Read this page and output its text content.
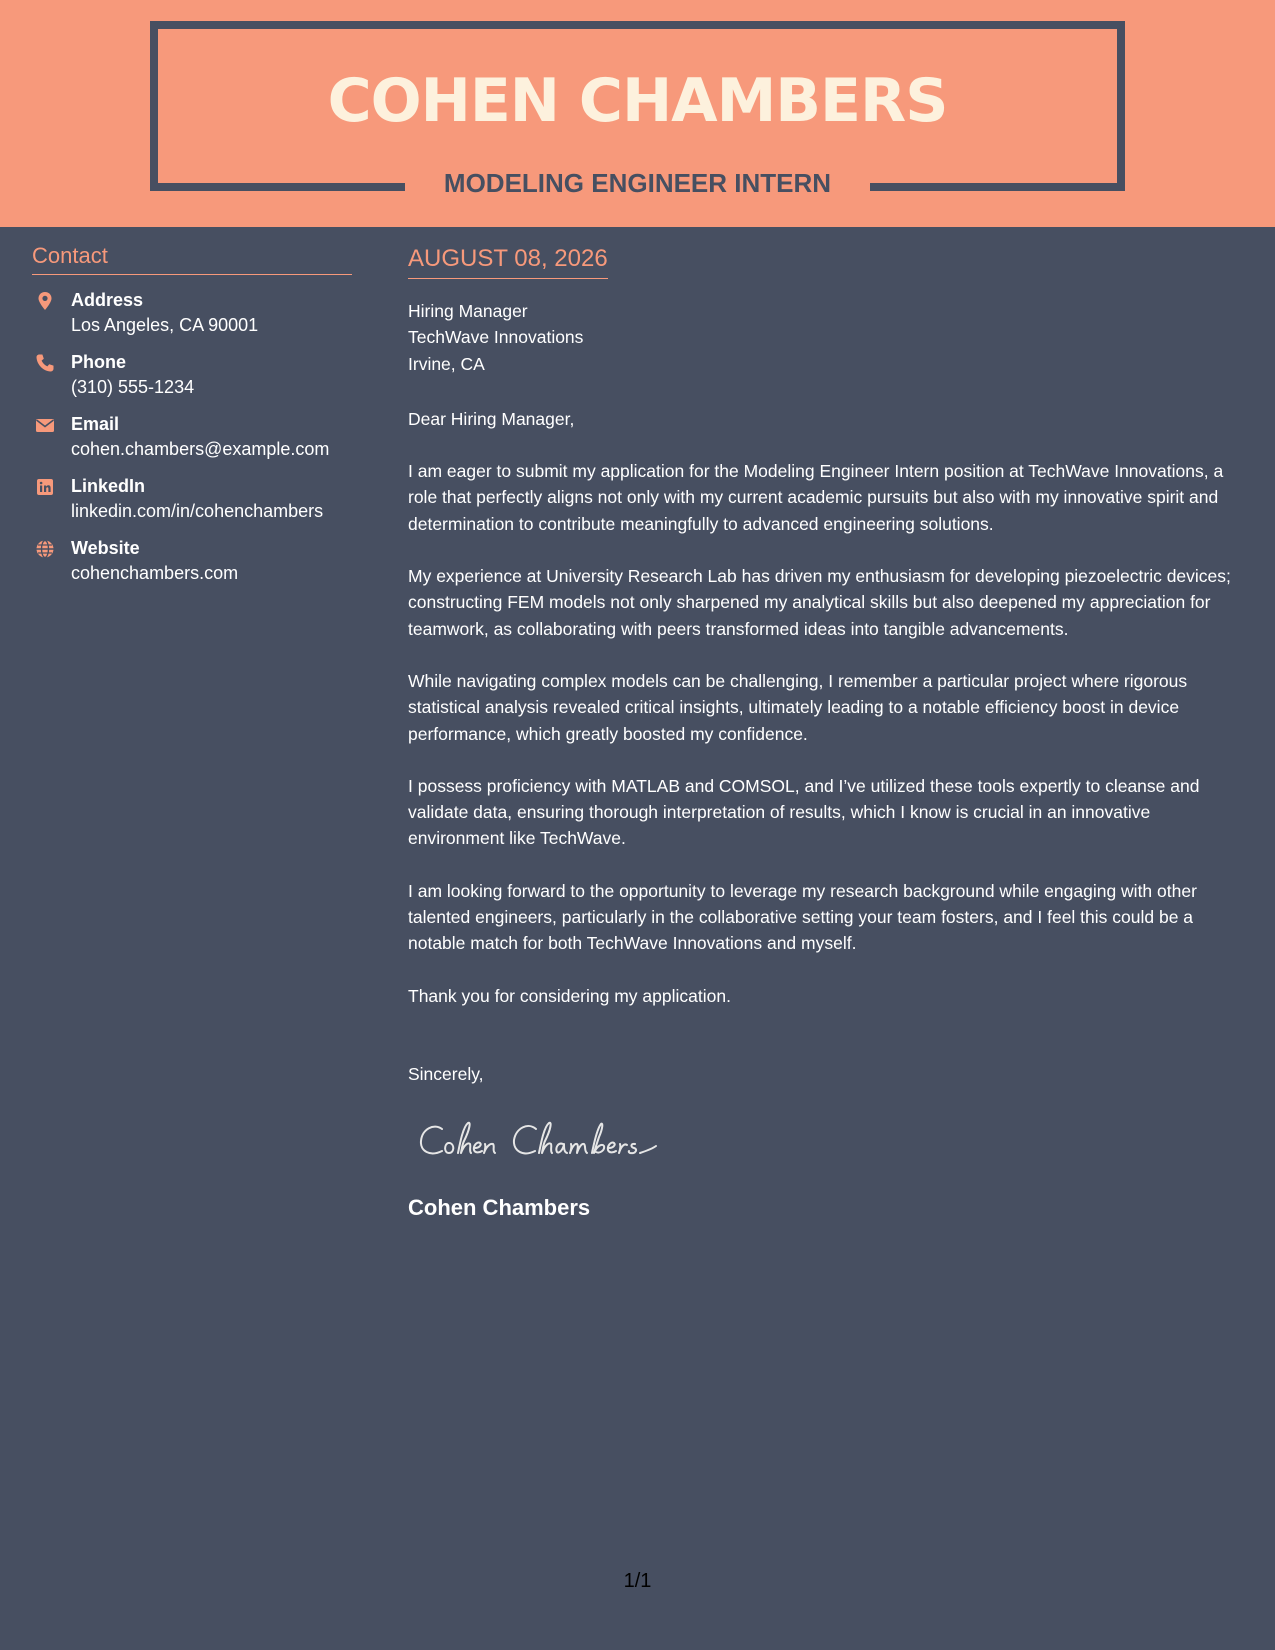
COHEN CHAMBERS
MODELING ENGINEER INTERN
Contact
Address
Los Angeles, CA 90001
Phone
(310) 555-1234
Email
cohen.chambers@example.com
LinkedIn
linkedin.com/in/cohenchambers
Website
cohenchambers.com
AUGUST 08, 2026
Hiring Manager
TechWave Innovations
Irvine, CA
Dear Hiring Manager,

I am eager to submit my application for the Modeling Engineer Intern position at TechWave Innovations, a role that perfectly aligns not only with my current academic pursuits but also with my innovative spirit and determination to contribute meaningfully to advanced engineering solutions.

My experience at University Research Lab has driven my enthusiasm for developing piezoelectric devices; constructing FEM models not only sharpened my analytical skills but also deepened my appreciation for teamwork, as collaborating with peers transformed ideas into tangible advancements.

While navigating complex models can be challenging, I remember a particular project where rigorous statistical analysis revealed critical insights, ultimately leading to a notable efficiency boost in device performance, which greatly boosted my confidence.

I possess proficiency with MATLAB and COMSOL, and I’ve utilized these tools expertly to cleanse and validate data, ensuring thorough interpretation of results, which I know is crucial in an innovative environment like TechWave.

I am looking forward to the opportunity to leverage my research background while engaging with other talented engineers, particularly in the collaborative setting your team fosters, and I feel this could be a notable match for both TechWave Innovations and myself.

Thank you for considering my application.

Sincerely,
Cohen Chambers
1/1
